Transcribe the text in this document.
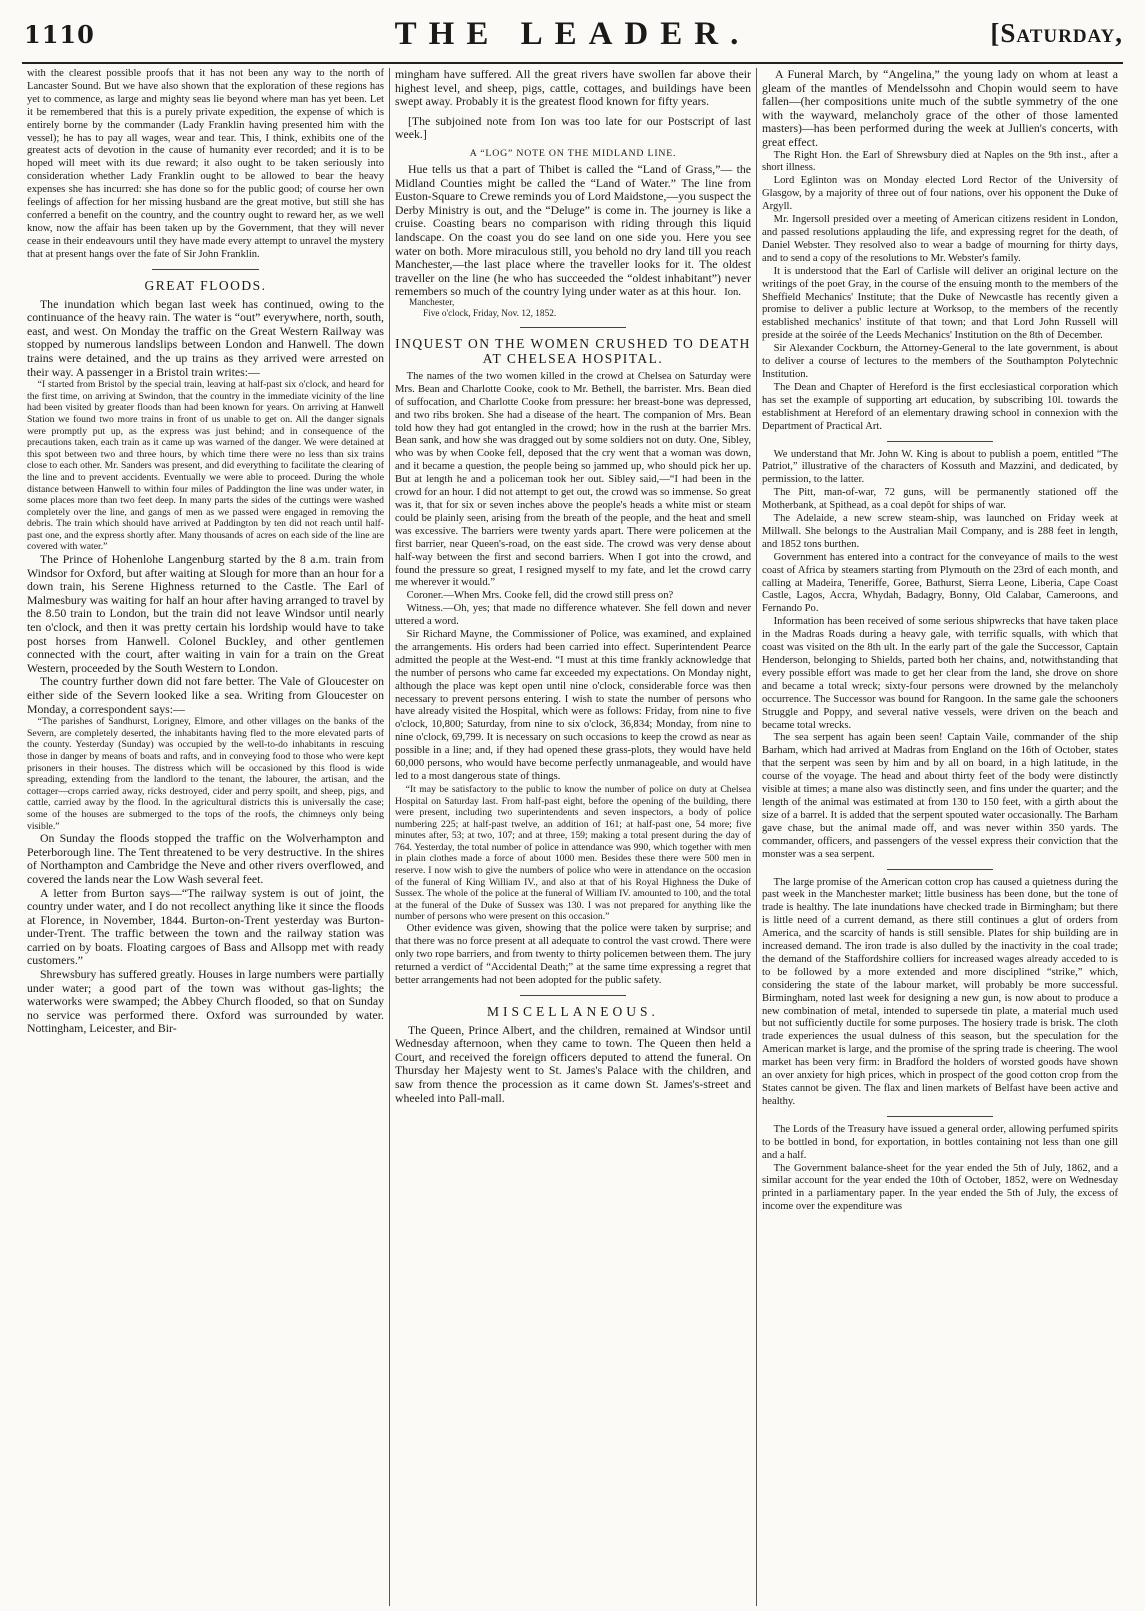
1110	THE LEADER.	[Saturday,

with the clearest possible proofs that it has not been any way to the north of Lancaster Sound. But we have also shown that the exploration of these regions has yet to commence, as large and mighty seas lie beyond where man has yet been. Let it be remembered that this is a purely private expedition, the expense of which is entirely borne by the commander (Lady Franklin having presented him with the vessel); he has to pay all wages, wear and tear. This, I think, exhibits one of the greatest acts of devotion in the cause of humanity ever recorded; and it is to be hoped will meet with its due reward; it also ought to be taken seriously into consideration whether Lady Franklin ought to be allowed to bear the heavy expenses she has incurred: she has done so for the public good; of course her own feelings of affection for her missing husband are the great motive, but still she has conferred a benefit on the country, and the country ought to reward her, as we well know, now the affair has been taken up by the Government, that they will never cease in their endeavours until they have made every attempt to unravel the mystery that at present hangs over the fate of Sir John Franklin.

GREAT FLOODS.

The inundation which began last week has continued, owing to the continuance of the heavy rain. The water is “out” everywhere, north, south, east, and west. On Monday the traffic on the Great Western Railway was stopped by numerous landslips between London and Hanwell. The down trains were detained, and the up trains as they arrived were arrested on their way. A passenger in a Bristol train writes:—

“I started from Bristol by the special train, leaving at half-past six o'clock, and heard for the first time, on arriving at Swindon, that the country in the immediate vicinity of the line had been visited by greater floods than had been known for years. On arriving at Hanwell Station we found two more trains in front of us unable to get on. All the danger signals were promptly put up, as the express was just behind; and in consequence of the precautions taken, each train as it came up was warned of the danger. We were detained at this spot between two and three hours, by which time there were no less than six trains close to each other. Mr. Sanders was present, and did everything to facilitate the clearing of the line and to prevent accidents. Eventually we were able to proceed. During the whole distance between Hanwell to within four miles of Paddington the line was under water, in some places more than two feet deep. In many parts the sides of the cuttings were washed completely over the line, and gangs of men as we passed were engaged in removing the debris. The train which should have arrived at Paddington by ten did not reach until half-past one, and the express shortly after. Many thousands of acres on each side of the line are covered with water.”

The Prince of Hohenlohe Langenburg started by the 8 a.m. train from Windsor for Oxford, but after waiting at Slough for more than an hour for a down train, his Serene Highness returned to the Castle. The Earl of Malmesbury was waiting for half an hour after having arranged to travel by the 8.50 train to London, but the train did not leave Windsor until nearly ten o'clock, and then it was pretty certain his lordship would have to take post horses from Hanwell. Colonel Buckley, and other gentlemen connected with the court, after waiting in vain for a train on the Great Western, proceeded by the South Western to London.

The country further down did not fare better. The Vale of Gloucester on either side of the Severn looked like a sea. Writing from Gloucester on Monday, a correspondent says:—

“The parishes of Sandhurst, Lorigney, Elmore, and other villages on the banks of the Severn, are completely deserted, the inhabitants having fled to the more elevated parts of the county. Yesterday (Sunday) was occupied by the well-to-do inhabitants in rescuing those in danger by means of boats and rafts, and in conveying food to those who were kept prisoners in their houses. The distress which will be occasioned by this flood is wide spreading, extending from the landlord to the tenant, the labourer, the artisan, and the cottager—crops carried away, ricks destroyed, cider and perry spoilt, and sheep, pigs, and cattle, carried away by the flood. In the agricultural districts this is universally the case; some of the houses are submerged to the tops of the roofs, the chimneys only being visible.”

On Sunday the floods stopped the traffic on the Wolverhampton and Peterborough line. The Tent threatened to be very destructive. In the shires of Northampton and Cambridge the Neve and other rivers overflowed, and covered the lands near the Low Wash several feet.

A letter from Burton says—“The railway system is out of joint, the country under water, and I do not recollect anything like it since the floods at Florence, in November, 1844. Burton-on-Trent yesterday was Burton-under-Trent. The traffic between the town and the railway station was carried on by boats. Floating cargoes of Bass and Allsopp met with ready customers.”

Shrewsbury has suffered greatly. Houses in large numbers were partially under water; a good part of the town was without gas-lights; the waterworks were swamped; the Abbey Church flooded, so that on Sunday no service was performed there. Oxford was surrounded by water. Nottingham, Leicester, and Bir-

mingham have suffered. All the great rivers have swollen far above their highest level, and sheep, pigs, cattle, cottages, and buildings have been swept away. Probably it is the greatest flood known for fifty years.

[The subjoined note from Ion was too late for our Postscript of last week.]

A “LOG” NOTE ON THE MIDLAND LINE.

Hue tells us that a part of Thibet is called the “Land of Grass,”— the Midland Counties might be called the “Land of Water.” The line from Euston-Square to Crewe reminds you of Lord Maidstone,—you suspect the Derby Ministry is out, and the “Deluge” is come in. The journey is like a cruise. Coasting bears no comparison with riding through this liquid landscape. On the coast you do see land on one side you. Here you see water on both. More miraculous still, you behold no dry land till you reach Manchester,—the last place where the traveller looks for it. The oldest traveller on the line (he who has succeeded the “oldest inhabitant”) never remembers so much of the country lying under water as at this hour. Ion.
Manchester,
Five o'clock, Friday, Nov. 12, 1852.
INQUEST ON THE WOMEN CRUSHED TO DEATH AT CHELSEA HOSPITAL.

The names of the two women killed in the crowd at Chelsea on Saturday were Mrs. Bean and Charlotte Cooke, cook to Mr. Bethell, the barrister. Mrs. Bean died of suffocation, and Charlotte Cooke from pressure: her breast-bone was depressed, and two ribs broken. She had a disease of the heart. The companion of Mrs. Bean told how they had got entangled in the crowd; how in the rush at the barrier Mrs. Bean sank, and how she was dragged out by some soldiers not on duty. One, Sibley, who was by when Cooke fell, deposed that the cry went that a woman was down, and it became a question, the people being so jammed up, who should pick her up. But at length he and a policeman took her out. Sibley said,—“I had been in the crowd for an hour. I did not attempt to get out, the crowd was so immense. So great was it, that for six or seven inches above the people's heads a white mist or steam could be plainly seen, arising from the breath of the people, and the heat and smell was excessive. The barriers were twenty yards apart. There were policemen at the first barrier, near Queen's-road, on the east side. The crowd was very dense about half-way between the first and second barriers. When I got into the crowd, and found the pressure so great, I resigned myself to my fate, and let the crowd carry me wherever it would.”

Coroner.—When Mrs. Cooke fell, did the crowd still press on?

Witness.—Oh, yes; that made no difference whatever. She fell down and never uttered a word.

Sir Richard Mayne, the Commissioner of Police, was examined, and explained the arrangements. His orders had been carried into effect. Superintendent Pearce admitted the people at the West-end. “I must at this time frankly acknowledge that the number of persons who came far exceeded my expectations. On Monday night, although the place was kept open until nine o'clock, considerable force was then necessary to prevent persons entering. I wish to state the number of persons who have already visited the Hospital, which were as follows: Friday, from nine to five o'clock, 10,800; Saturday, from nine to six o'clock, 36,834; Monday, from nine to nine o'clock, 69,799. It is necessary on such occasions to keep the crowd as near as possible in a line; and, if they had opened these grass-plots, they would have held 60,000 persons, who would have become perfectly unmanageable, and would have led to a most dangerous state of things.

“It may be satisfactory to the public to know the number of police on duty at Chelsea Hospital on Saturday last. From half-past eight, before the opening of the building, there were present, including two superintendents and seven inspectors, a body of police numbering 225; at half-past twelve, an addition of 161; at half-past one, 54 more; five minutes after, 53; at two, 107; and at three, 159; making a total present during the day of 764. Yesterday, the total number of police in attendance was 990, which together with men in plain clothes made a force of about 1000 men. Besides these there were 500 men in reserve. I now wish to give the numbers of police who were in attendance on the occasion of the funeral of King William IV., and also at that of his Royal Highness the Duke of Sussex. The whole of the police at the funeral of William IV. amounted to 100, and the total at the funeral of the Duke of Sussex was 130. I was not prepared for anything like the number of persons who were present on this occasion.”

Other evidence was given, showing that the police were taken by surprise; and that there was no force present at all adequate to control the vast crowd. There were only two rope barriers, and from twenty to thirty policemen between them. The jury returned a verdict of “Accidental Death;” at the same time expressing a regret that better arrangements had not been adopted for the public safety.

MISCELLANEOUS.

The Queen, Prince Albert, and the children, remained at Windsor until Wednesday afternoon, when they came to town. The Queen then held a Court, and received the foreign officers deputed to attend the funeral. On Thursday her Majesty went to St. James's Palace with the children, and saw from thence the procession as it came down St. James's-street and wheeled into Pall-mall.

A Funeral March, by “Angelina,” the young lady on whom at least a gleam of the mantles of Mendelssohn and Chopin would seem to have fallen—(her compositions unite much of the subtle symmetry of the one with the wayward, melancholy grace of the other of those lamented masters)—has been performed during the week at Jullien's concerts, with great effect.

The Right Hon. the Earl of Shrewsbury died at Naples on the 9th inst., after a short illness.

Lord Eglinton was on Monday elected Lord Rector of the University of Glasgow, by a majority of three out of four nations, over his opponent the Duke of Argyll.

Mr. Ingersoll presided over a meeting of American citizens resident in London, and passed resolutions applauding the life, and expressing regret for the death, of Daniel Webster. They resolved also to wear a badge of mourning for thirty days, and to send a copy of the resolutions to Mr. Webster's family.

It is understood that the Earl of Carlisle will deliver an original lecture on the writings of the poet Gray, in the course of the ensuing month to the members of the Sheffield Mechanics' Institute; that the Duke of Newcastle has recently given a promise to deliver a public lecture at Worksop, to the members of the recently established mechanics' institute of that town; and that Lord John Russell will preside at the soirée of the Leeds Mechanics' Institution on the 8th of December.

Sir Alexander Cockburn, the Attorney-General to the late government, is about to deliver a course of lectures to the members of the Southampton Polytechnic Institution.

The Dean and Chapter of Hereford is the first ecclesiastical corporation which has set the example of supporting art education, by subscribing 10l. towards the establishment at Hereford of an elementary drawing school in connexion with the Department of Practical Art.

We understand that Mr. John W. King is about to publish a poem, entitled “The Patriot,” illustrative of the characters of Kossuth and Mazzini, and dedicated, by permission, to the latter.

The Pitt, man-of-war, 72 guns, will be permanently stationed off the Motherbank, at Spithead, as a coal depôt for ships of war.

The Adelaide, a new screw steam-ship, was launched on Friday week at Millwall. She belongs to the Australian Mail Company, and is 288 feet in length, and 1852 tons burthen.

Government has entered into a contract for the conveyance of mails to the west coast of Africa by steamers starting from Plymouth on the 23rd of each month, and calling at Madeira, Teneriffe, Goree, Bathurst, Sierra Leone, Liberia, Cape Coast Castle, Lagos, Accra, Whydah, Badagry, Bonny, Old Calabar, Cameroons, and Fernando Po.

Information has been received of some serious shipwrecks that have taken place in the Madras Roads during a heavy gale, with terrific squalls, with which that coast was visited on the 8th ult. In the early part of the gale the Successor, Captain Henderson, belonging to Shields, parted both her chains, and, notwithstanding that every possible effort was made to get her clear from the land, she drove on shore and became a total wreck; sixty-four persons were drowned by the melancholy occurrence. The Successor was bound for Rangoon. In the same gale the schooners Struggle and Poppy, and several native vessels, were driven on the beach and became total wrecks.

The sea serpent has again been seen! Captain Vaile, commander of the ship Barham, which had arrived at Madras from England on the 16th of October, states that the serpent was seen by him and by all on board, in a high latitude, in the course of the voyage. The head and about thirty feet of the body were distinctly visible at times; a mane also was distinctly seen, and fins under the quarter; and the length of the animal was estimated at from 130 to 150 feet, with a girth about the size of a barrel. It is added that the serpent spouted water occasionally. The Barham gave chase, but the animal made off, and was never within 350 yards. The commander, officers, and passengers of the vessel express their conviction that the monster was a sea serpent.

The large promise of the American cotton crop has caused a quietness during the past week in the Manchester market; little business has been done, but the tone of trade is healthy. The late inundations have checked trade in Birmingham; but there is little need of a current demand, as there still continues a glut of orders from America, and the scarcity of hands is still sensible. Plates for ship building are in increased demand. The iron trade is also dulled by the inactivity in the coal trade; the demand of the Staffordshire colliers for increased wages already acceded to is to be followed by a more extended and more disciplined “strike,” which, considering the state of the labour market, will probably be more successful. Birmingham, noted last week for designing a new gun, is now about to produce a new combination of metal, intended to supersede tin plate, a material much used but not sufficiently ductile for some purposes. The hosiery trade is brisk. The cloth trade experiences the usual dulness of this season, but the speculation for the American market is large, and the promise of the spring trade is cheering. The wool market has been very firm: in Bradford the holders of worsted goods have shown an over anxiety for high prices, which in prospect of the good cotton crop from the States cannot be given. The flax and linen markets of Belfast have been active and healthy.

The Lords of the Treasury have issued a general order, allowing perfumed spirits to be bottled in bond, for exportation, in bottles containing not less than one gill and a half.

The Government balance-sheet for the year ended the 5th of July, 1862, and a similar account for the year ended the 10th of October, 1852, were on Wednesday printed in a parliamentary paper. In the year ended the 5th of July, the excess of income over the expenditure was
